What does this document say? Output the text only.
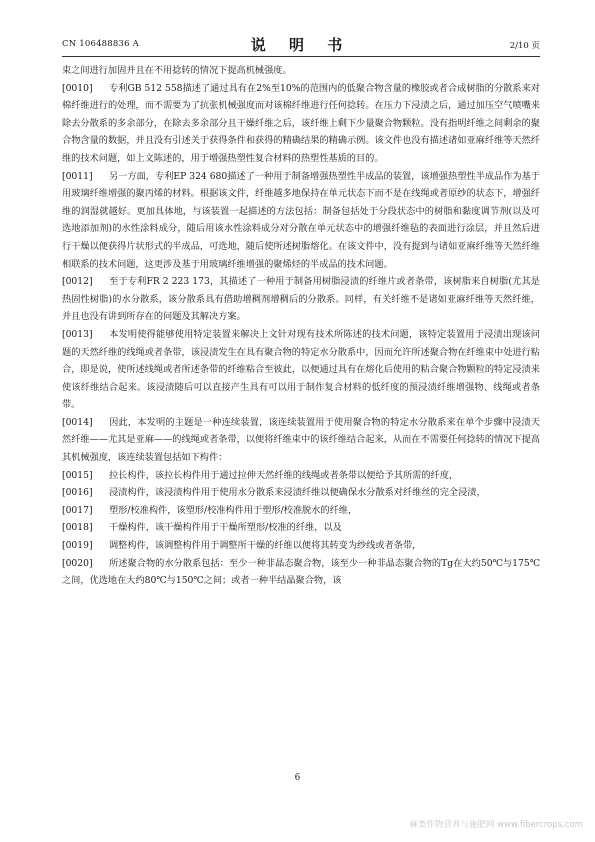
CN 106488836 A	说 明 书	2/10 页

束之间进行加固并且在不用捻转的情况下提高机械强度。

[0010] 专利GB 512 558描述了通过具有在2%至10%的范围内的低聚合物含量的橡胶或者合成树脂的分散系来对棉纤维进行的处理，而不需要为了抗张机械强度而对该棉纤维进行任何捻转。在压力下浸渍之后，通过加压空气喷嘴来除去分散系的多余部分，在除去多余部分且干燥纤维之后，该纤维上剩下少量聚合物颗粒。没有指明纤维之间剩余的聚合物含量的数据，并且没有引述关于获得条件和获得的精确结果的精确示例。该文件也没有描述诸如亚麻纤维等天然纤维的技术问题，如上文陈述的，用于增强热塑性复合材料的热塑性基质的目的。

[0011] 另一方面，专利EP 324 680描述了一种用于制备增强热塑性半成品的装置，该增强热塑性半成品作为基于用玻璃纤维增强的聚丙烯的材料。根据该文件，纤维越多地保持在单元状态下而不是在线绳或者原纱的状态下，增强纤维的润湿就越好。更加具体地，与该装置一起描述的方法包括：制备包括处于分段状态中的树脂和黏度调节剂(以及可选地添加剂)的水性涂料成分，随后用该水性涂料成分对分散在单元状态中的增强纤维毡的表面进行涂层，并且然后进行干燥以便获得片状形式的半成品，可选地，随后使所述树脂熔化。在该文件中，没有提到与诸如亚麻纤维等天然纤维相联系的技术问题，这更涉及基于用玻璃纤维增强的聚烯烃的半成品的技术问题。

[0012] 至于专利FR 2 223 173，其描述了一种用于制备用树脂浸渍的纤维片或者条带，该树脂来自树脂(尤其是热固性树脂)的水分散系，该分散系具有借助增稠剂增稠后的分散系。同样，有关纤维不是诸如亚麻纤维等天然纤维，并且也没有讲到所存在的问题及其解决方案。

[0013] 本发明使得能够使用特定装置来解决上文针对现有技术所陈述的技术问题，该特定装置用于浸渍出现该问题的天然纤维的线绳或者条带，该浸渍发生在具有聚合物的特定水分散系中，因而允许所述聚合物在纤维束中处进行粘合，即是说，使所述线绳或者所述条带的纤维粘合至彼此，以便通过具有在熔化后使用的粘合聚合物颗粒的特定浸渍来使该纤维结合起来。该浸渍随后可以直接产生具有可以用于制作复合材料的低纤度的预浸渍纤维增强物、线绳或者条带。

[0014] 因此，本发明的主题是一种连续装置，该连续装置用于使用聚合物的特定水分散系来在单个步骤中浸渍天然纤维——尤其是亚麻——的线绳或者条带，以便将纤维束中的该纤维结合起来，从而在不需要任何捻转的情况下提高其机械强度，该连续装置包括如下构件：

[0015] 拉长构件，该拉长构件用于通过拉伸天然纤维的线绳或者条带以便给予其所需的纤度，

[0016] 浸渍构件，该浸渍构件用于使用水分散系来浸渍纤维以便确保水分散系对纤维丝的完全浸渍，

[0017] 塑形/校准构件，该塑形/校准构件用于塑形/校准脱水的纤维，

[0018] 干燥构件，该干燥构件用于干燥所塑形/校准的纤维，以及

[0019] 调整构件，该调整构件用于调整所干燥的纤维以便将其转变为纱线或者条带，

[0020] 所述聚合物的水分散系包括：至少一种非晶态聚合物，该至少一种非晶态聚合物的Tg在大约50℃与175℃之间，优选地在大约80℃与150℃之间；或者一种半结晶聚合物，该

6
麻类作物营养与施肥网 www.fibercrops.com
